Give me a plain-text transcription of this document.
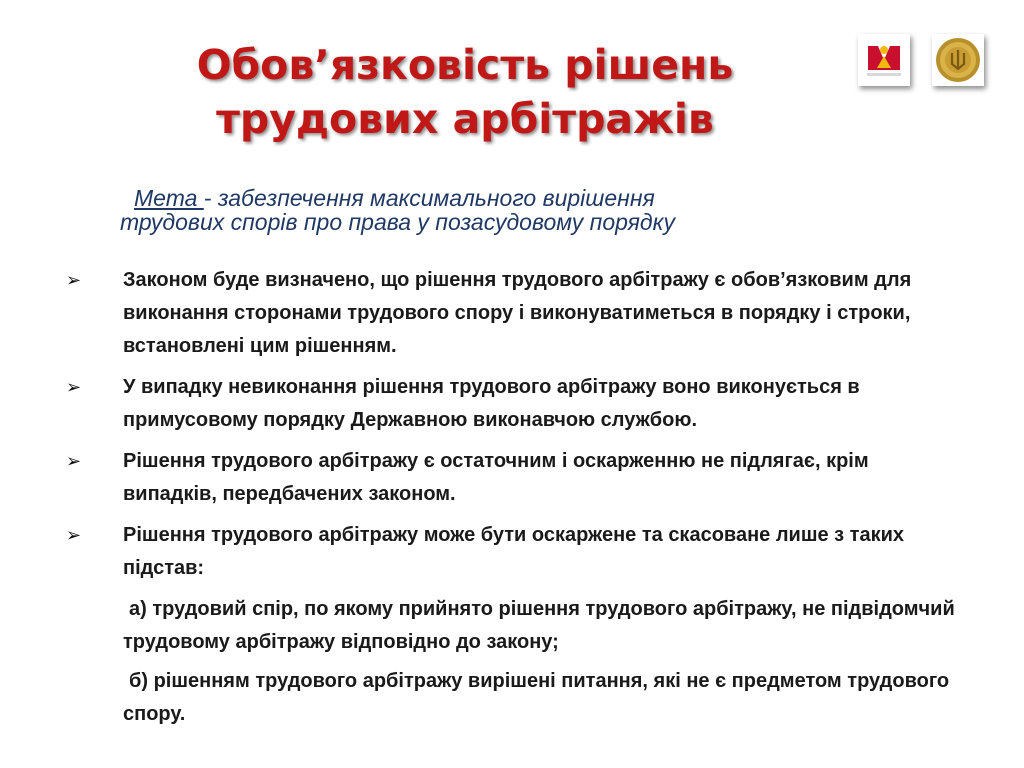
Обов’язковість рішень
трудових арбітражів
Мета - забезпечення максимального вирішення
трудових спорів про права у позасудовому порядку
➢ Законом буде визначено, що рішення трудового арбітражу є обов’язковим для виконання сторонами трудового спору і виконуватиметься в порядку і строки, встановлені цим рішенням.
➢ У випадку невиконання рішення трудового арбітражу воно виконується в примусовому порядку Державною виконавчою службою.
➢ Рішення трудового арбітражу є остаточним і оскарженню не підлягає, крім випадків, передбачених законом.
➢ Рішення трудового арбітражу може бути оскаржене та скасоване лише з таких підстав:
а) трудовий спір, по якому прийнято рішення трудового арбітражу, не підвідомчий трудовому арбітражу відповідно до закону;
б) рішенням трудового арбітражу вирішені питання, які не є предметом трудового спору.
